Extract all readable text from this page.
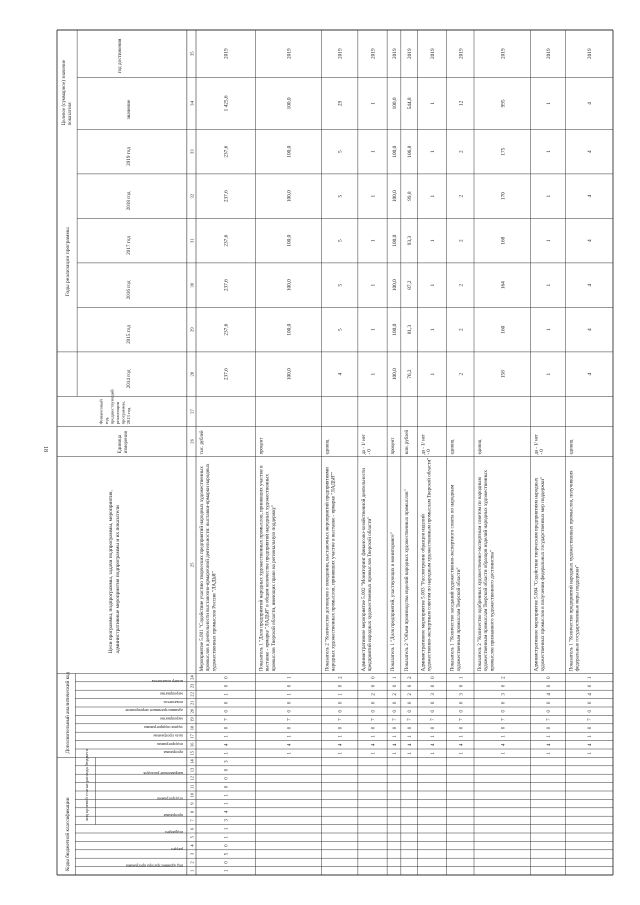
18
Коды бюджетной классификации
Дополнительный аналитический код
код целевой статьи расхода бюджета
Годы реализации программы
Целевое (суммарное) значение показателя
Цели программы, подпрограммы, задачи подпрограммы, мероприятия, административные мероприятия подпрограммы и их показатели
Единица измерения
Финансовый год, предшествующий реализации программы, 2013 год
2014 год
2015 год
2016 год
2017 год
2018 год
2019 год
значение
год достижения
код администратора программы
раздел
подраздел
программа
подпрограмма
направление расходов
программа
подпрограмма
цель программы
задача подпрограммы
мероприятие
административное мероприятие
показатель
мероприятие
номер показателя
1
2
3
4
5
6
7
8
9
10
11
12
13
14
15
16
17
18
19
20
21
22
23
24
25
26
27
28
29
30
31
32
33
34
35
1
0
5
0
1
1
3
4
1
1
0
0
0
3
1
4
1
0
7
0
0
1
0
0
Мероприятие 5.001 "Содействие участию творческих предприятий народных художественных промыслов в деятельности выставочно-ярмарочной деятельности: выставки-ярмарки народных художественных промыслов России "ЛАДЬЯ"
тыс. рублей
237,6
237,6
237,6
237,6
237,6
237,6
1 425,6
2019
1
4
1
0
7
0
0
1
0
1
Показатель 1 "Доля предприятий народных художественных промыслов, принявших участие в выставке - ярмарке "ЛАДЬЯ" в общем количестве предприятий народных художественных промыслов Тверской области, имеющих право на региональную поддержку"
процент
100,0
100,0
100,0
100,0
100,0
100,0
100,0
2019
1
4
1
0
7
0
0
1
0
2
Показатель 2 "Количество договоров о поведении, выставочных мероприятий предприятиями народных художественных промыслов, принявших участие в выставке - ярмарке "ЛАДЬЯ""
единиц
4
5
5
5
5
5
29
2019
1
4
1
0
7
0
0
2
0
0
Административное мероприятие 5.002 "Мониторинг финансово-хозяйственной деятельности предприятий народных художественных промыслов Тверской области"
да - 1/ нет - 0
1
1
1
1
1
1
1
2019
1
4
1
0
7
0
0
2
0
1
Показатель 1 "Доля предприятий, участвующих в мониторинге"
процент
100,0
100,0
100,0
100,0
100,0
100,0
100,0
2019
1
4
1
0
7
0
0
2
0
2
Показатель 2 "Объем производства изделий народных художественных промыслов"
млн. рублей
76,2
81,3
87,2
93,3
99,8
106,8
544,8
2019
1
4
1
0
7
0
0
3
0
0
Административное мероприятие 5.003 "Рассмотрение образцов изделий художественно-экспертным советом по народным художественным промыслам Тверской области"
да - 1/ нет - 0
1
1
1
1
1
1
1
2019
1
4
1
0
7
0
0
3
0
1
Показатель 1 "Количество заседаний художественно-экспертного совета по народным художественным промыслам Тверской области"
единиц
2
2
2
2
2
2
12
2019
1
4
1
0
7
0
0
3
0
2
Показатель 2 "Количество одобренных художественно-экспертным советом по народным художественным промыслам Тверской области образцов изделий народных художественных промыслов признанного художественного достоинства"
единиц
158
160
164
168
170
175
995
2019
1
4
1
0
7
0
0
4
0
0
Административное мероприятие 5.004 "Содействие творческим предприятиям народных художественных промыслов в получении федеральных государственных мер поддержки"
да - 1/ нет - 0
1
1
1
1
1
1
1
2019
1
4
1
0
7
0
0
4
0
1
Показатель 1 "Количество предприятий народных художественных промыслов, получивших федеральные государственные меры поддержки"
единиц
4
4
4
4
4
4
4
2019
